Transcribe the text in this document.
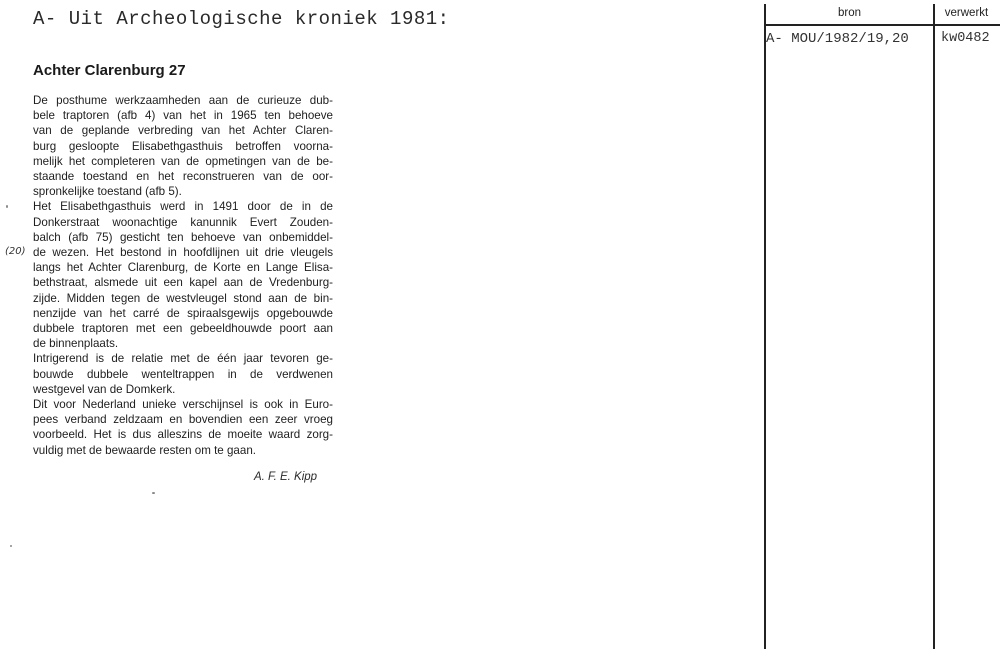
A- Uit Archeologische kroniek 1981:
Achter Clarenburg 27
De posthume werkzaamheden aan de curieuze dub-
bele traptoren (afb 4) van het in 1965 ten behoeve
van de geplande verbreding van het Achter Claren-
burg gesloopte Elisabethgasthuis betroffen voorna-
melijk het completeren van de opmetingen van de be-
staande toestand en het reconstrueren van de oor-
spronkelijke toestand (afb 5).
Het Elisabethgasthuis werd in 1491 door de in de
Donkerstraat woonachtige kanunnik Evert Zouden-
balch (afb 75) gesticht ten behoeve van onbemiddel-
de wezen. Het bestond in hoofdlijnen uit drie vleugels
langs het Achter Clarenburg, de Korte en Lange Elisa-
bethstraat, alsmede uit een kapel aan de Vredenburg-
zijde. Midden tegen de westvleugel stond aan de bin-
nenzijde van het carré de spiraalsgewijs opgebouwde
dubbele traptoren met een gebeeldhouwde poort aan
de binnenplaats.
Intrigerend is de relatie met de één jaar tevoren ge-
bouwde dubbele wenteltrappen in de verdwenen
westgevel van de Domkerk.
Dit voor Nederland unieke verschijnsel is ook in Euro-
pees verband zeldzaam en bovendien een zeer vroeg
voorbeeld. Het is dus alleszins de moeite waard zorg-
vuldig met de bewaarde resten om te gaan.
A. F. E. Kipp
(20)
bron	verwerkt
A- MOU/1982/19,20 kw0482
